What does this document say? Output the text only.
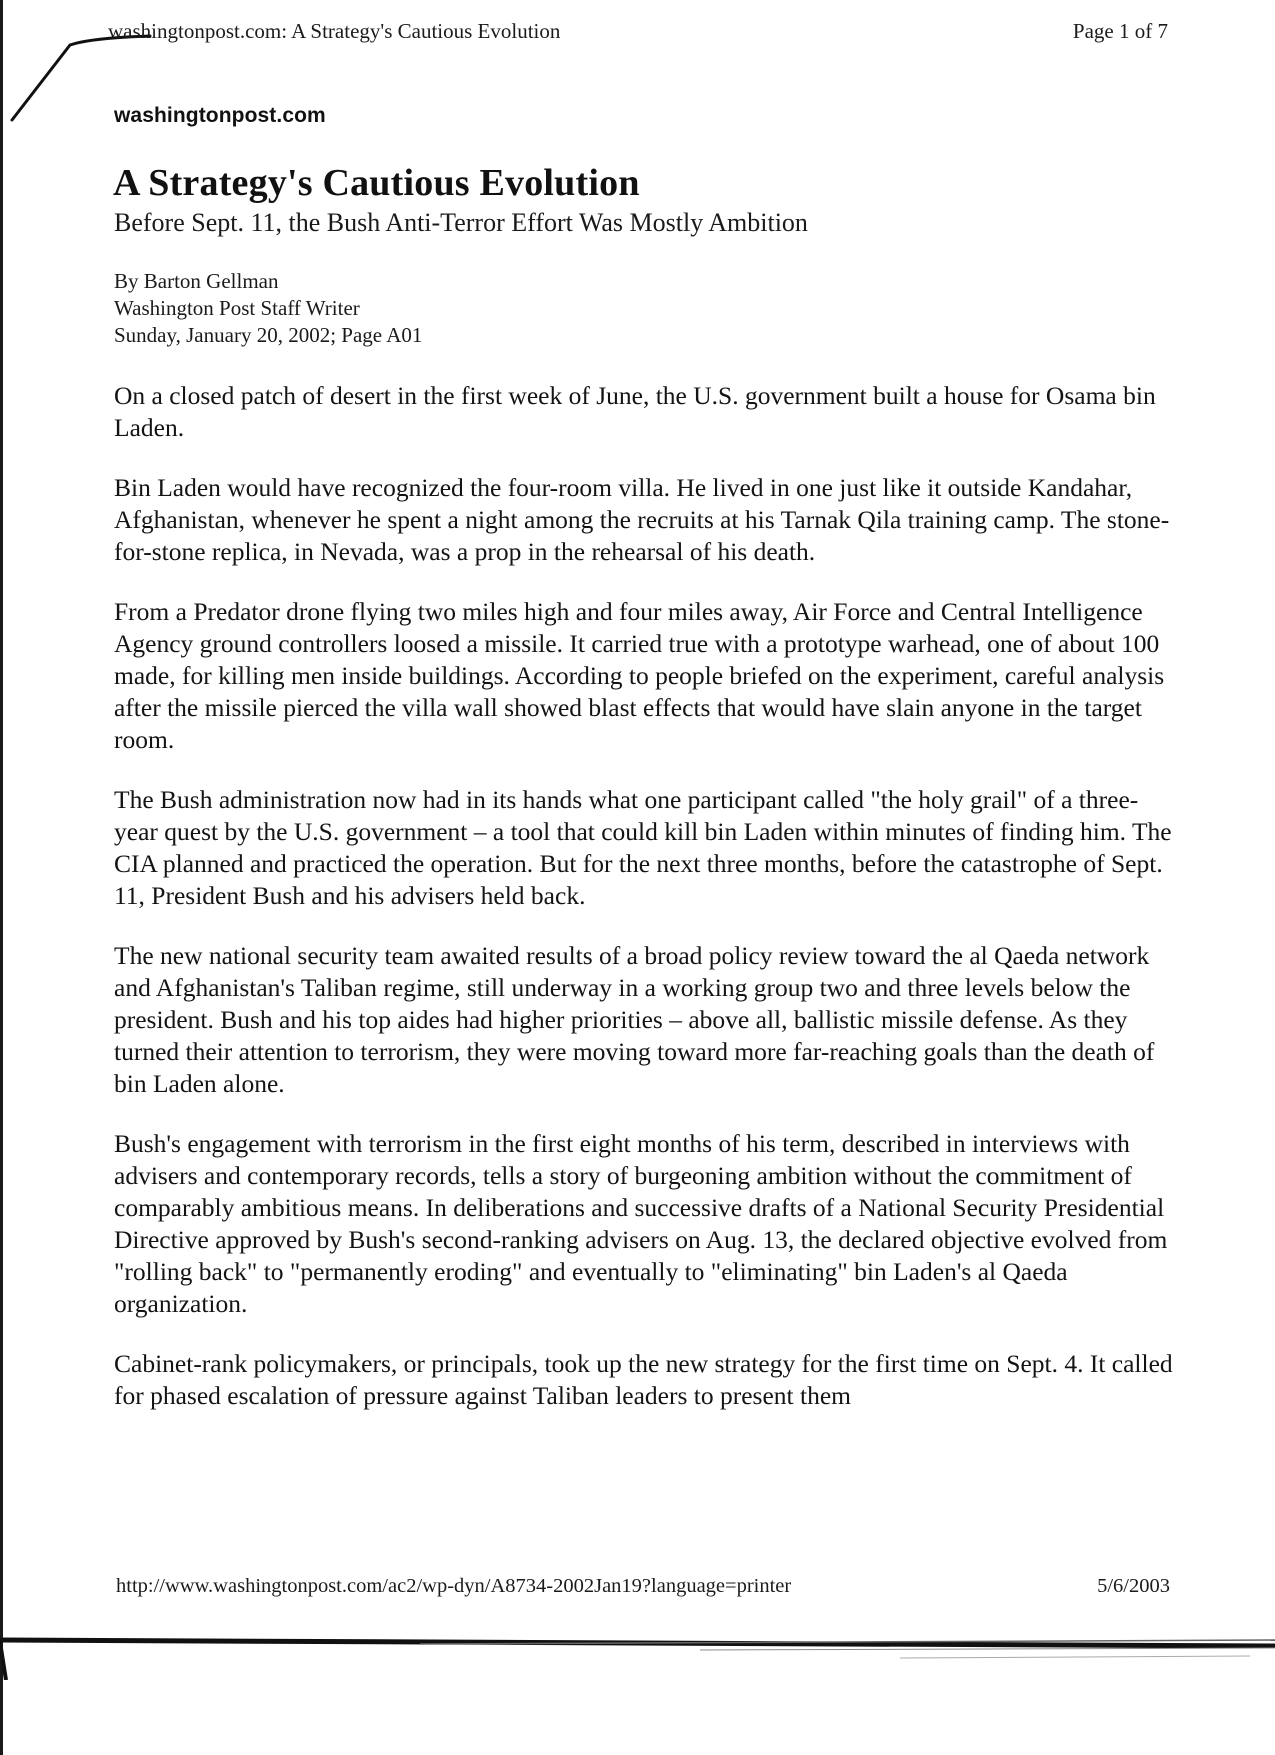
washingtonpost.com: A Strategy's Cautious Evolution	Page 1 of 7
washingtonpost.com
A Strategy's Cautious Evolution
Before Sept. 11, the Bush Anti-Terror Effort Was Mostly Ambition
By Barton Gellman
Washington Post Staff Writer
Sunday, January 20, 2002; Page A01

On a closed patch of desert in the first week of June, the U.S. government built a house for Osama bin Laden.

Bin Laden would have recognized the four-room villa. He lived in one just like it outside Kandahar, Afghanistan, whenever he spent a night among the recruits at his Tarnak Qila training camp. The stone-for-stone replica, in Nevada, was a prop in the rehearsal of his death.

From a Predator drone flying two miles high and four miles away, Air Force and Central Intelligence Agency ground controllers loosed a missile. It carried true with a prototype warhead, one of about 100 made, for killing men inside buildings. According to people briefed on the experiment, careful analysis after the missile pierced the villa wall showed blast effects that would have slain anyone in the target room.

The Bush administration now had in its hands what one participant called "the holy grail" of a three-year quest by the U.S. government – a tool that could kill bin Laden within minutes of finding him. The CIA planned and practiced the operation. But for the next three months, before the catastrophe of Sept. 11, President Bush and his advisers held back.

The new national security team awaited results of a broad policy review toward the al Qaeda network and Afghanistan's Taliban regime, still underway in a working group two and three levels below the president. Bush and his top aides had higher priorities – above all, ballistic missile defense. As they turned their attention to terrorism, they were moving toward more far-reaching goals than the death of bin Laden alone.

Bush's engagement with terrorism in the first eight months of his term, described in interviews with advisers and contemporary records, tells a story of burgeoning ambition without the commitment of comparably ambitious means. In deliberations and successive drafts of a National Security Presidential Directive approved by Bush's second-ranking advisers on Aug. 13, the declared objective evolved from "rolling back" to "permanently eroding" and eventually to "eliminating" bin Laden's al Qaeda organization.

Cabinet-rank policymakers, or principals, took up the new strategy for the first time on Sept. 4. It called for phased escalation of pressure against Taliban leaders to present them

http://www.washingtonpost.com/ac2/wp-dyn/A8734-2002Jan19?language=printer	5/6/2003
